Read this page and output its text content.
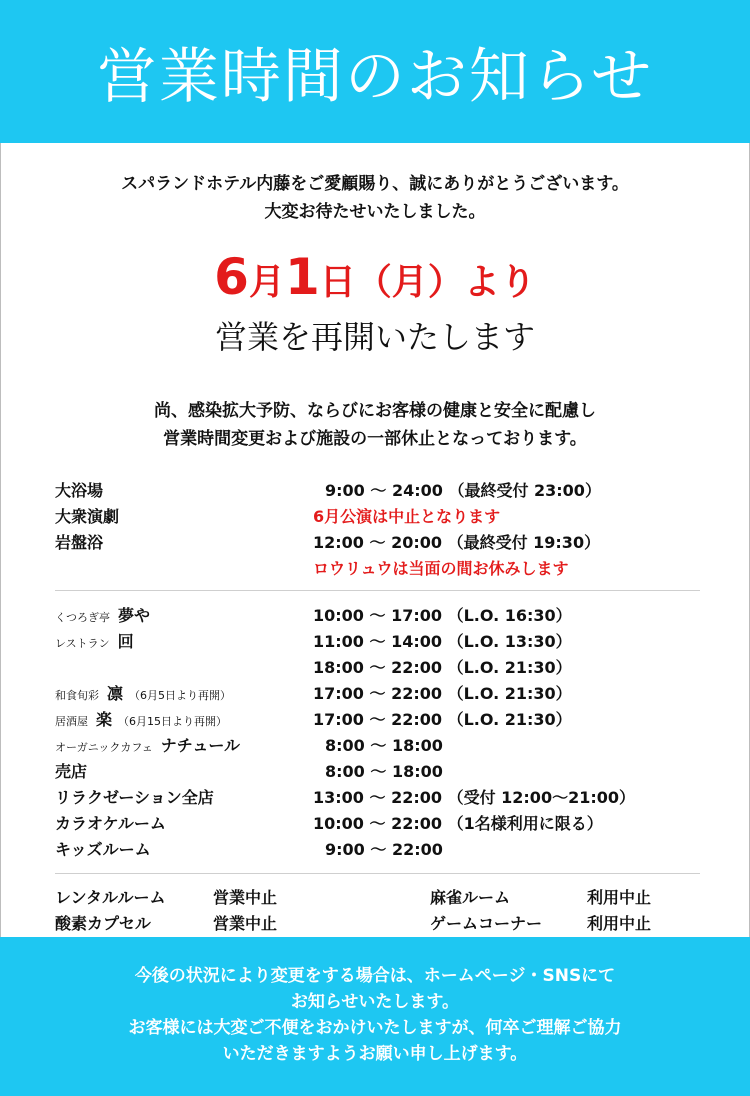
営業時間のお知らせ
スパランドホテル内藤をご愛顧賜り、誠にありがとうございます。
大変お待たせいたしました。
6月1日（月）より
営業を再開いたします
尚、感染拡大予防、ならびにお客様の健康と安全に配慮し
営業時間変更および施設の一部休止となっております。
大浴場	9:00 ～ 24:00 （最終受付 23:00）
大衆演劇	6月公演は中止となります
岩盤浴	12:00 ～ 20:00 （最終受付 19:30）
ロウリュウは当面の間お休みします
くつろぎ亭 夢や	10:00 ～ 17:00 （L.O. 16:30）
レストラン 回	11:00 ～ 14:00 （L.O. 13:30）
18:00 ～ 22:00 （L.O. 21:30）
和食旬彩 凛 （6月5日より再開）	17:00 ～ 22:00 （L.O. 21:30）
居酒屋 楽 （6月15日より再開）	17:00 ～ 22:00 （L.O. 21:30）
オーガニックカフェ ナチュール	8:00 ～ 18:00
売店	8:00 ～ 18:00
リラクゼーション全店	13:00 ～ 22:00 （受付 12:00～21:00）
カラオケルーム	10:00 ～ 22:00 （1名様利用に限る）
キッズルーム	9:00 ～ 22:00
レンタルルーム	営業中止	麻雀ルーム	利用中止
酸素カプセル	営業中止	ゲームコーナー	利用中止
今後の状況により変更をする場合は、ホームページ・SNSにて
お知らせいたします。
お客様には大変ご不便をおかけいたしますが、何卒ご理解ご協力
いただきますようお願い申し上げます。
